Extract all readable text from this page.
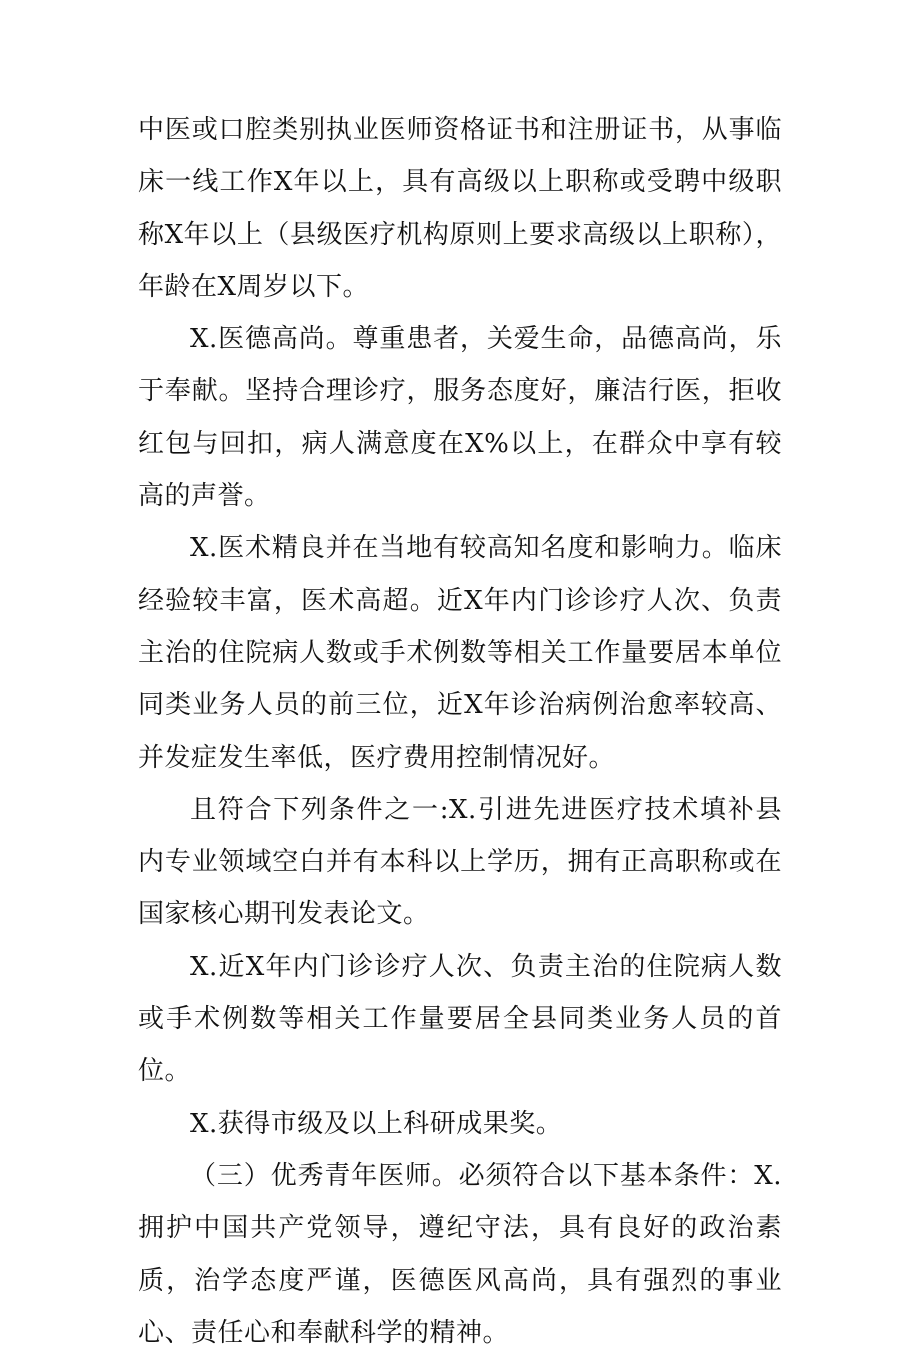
中医或口腔类别执业医师资格证书和注册证书，从事临床一线工作X年以上，具有高级以上职称或受聘中级职称X年以上（县级医疗机构原则上要求高级以上职称），年龄在X周岁以下。

X.医德高尚。尊重患者，关爱生命，品德高尚，乐于奉献。坚持合理诊疗，服务态度好，廉洁行医，拒收红包与回扣，病人满意度在X%以上，在群众中享有较高的声誉。

X.医术精良并在当地有较高知名度和影响力。临床经验较丰富，医术高超。近X年内门诊诊疗人次、负责主治的住院病人数或手术例数等相关工作量要居本单位同类业务人员的前三位，近X年诊治病例治愈率较高、并发症发生率低，医疗费用控制情况好。

且符合下列条件之一:X.引进先进医疗技术填补县内专业领域空白并有本科以上学历，拥有正高职称或在国家核心期刊发表论文。

X.近X年内门诊诊疗人次、负责主治的住院病人数或手术例数等相关工作量要居全县同类业务人员的首位。

X.获得市级及以上科研成果奖。

（三）优秀青年医师。必须符合以下基本条件：X.拥护中国共产党领导，遵纪守法，具有良好的政治素质，治学态度严谨，医德医风高尚，具有强烈的事业心、责任心和奉献科学的精神。
